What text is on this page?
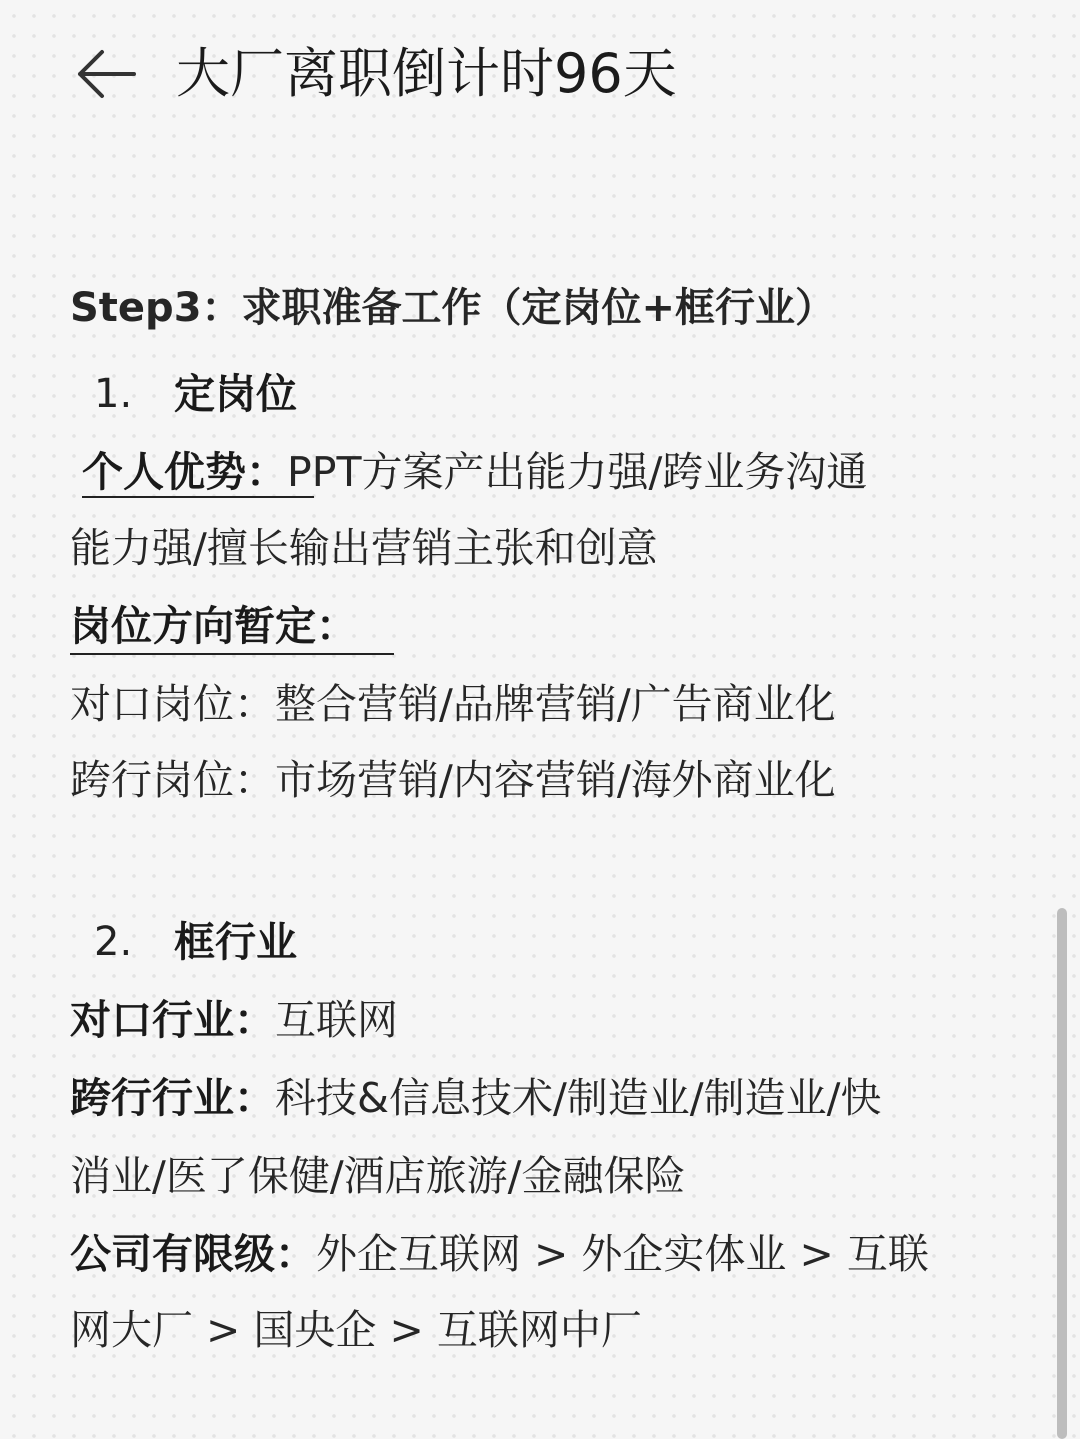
大厂离职倒计时96天
Step3：求职准备工作（定岗位+框行业）
1. 定岗位
个人优势：PPT方案产出能力强/跨业务沟通
能力强/擅长输出营销主张和创意
岗位方向暂定：
对口岗位：整合营销/品牌营销/广告商业化
跨行岗位：市场营销/内容营销/海外商业化
2. 框行业
对口行业：互联网
跨行行业：科技&信息技术/制造业/制造业/快
消业/医了保健/酒店旅游/金融保险
公司有限级：外企互联网 > 外企实体业 > 互联
网大厂 > 国央企 > 互联网中厂
